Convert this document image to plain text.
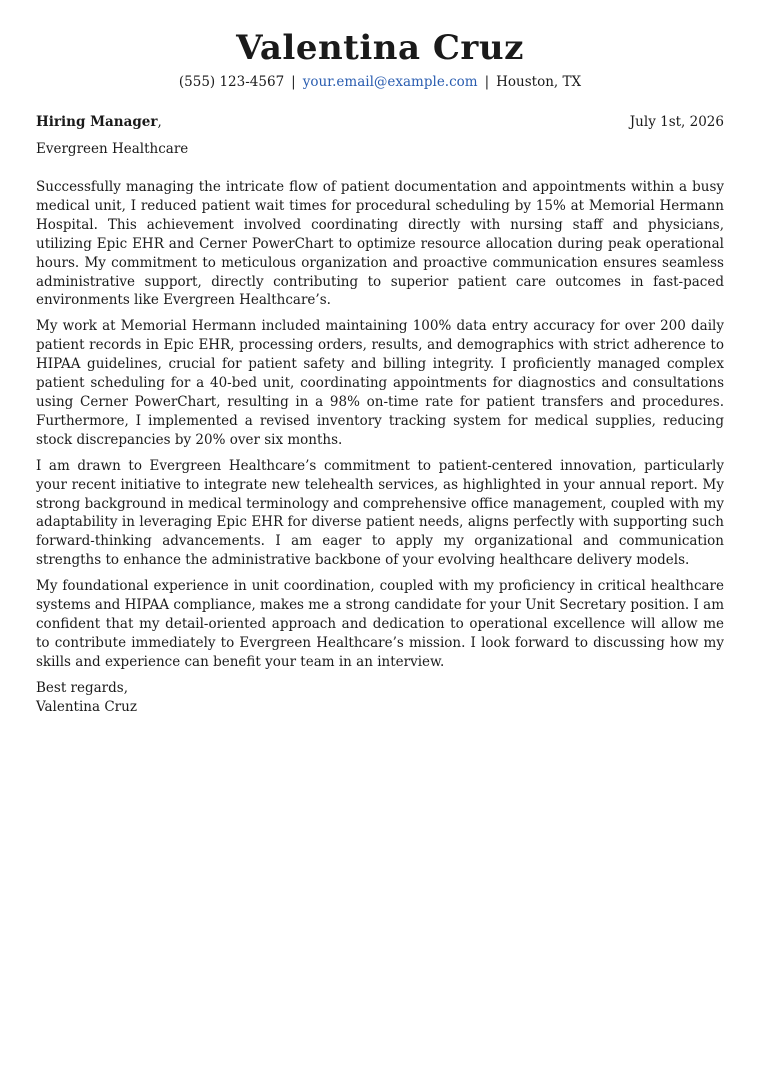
Valentina Cruz
(555) 123-4567 | your.email@example.com | Houston, TX
Hiring Manager,	July 1st, 2026
Evergreen Healthcare

Successfully managing the intricate flow of patient documentation and appointments within a busy medical unit, I reduced patient wait times for procedural scheduling by 15% at Memorial Hermann Hospital. This achievement involved coordinating directly with nursing staff and physicians, utilizing Epic EHR and Cerner PowerChart to optimize resource allocation during peak operational hours. My commitment to meticulous organization and proactive communication ensures seamless administrative support, directly contributing to superior patient care outcomes in fast-paced environments like Evergreen Healthcare’s.

My work at Memorial Hermann included maintaining 100% data entry accuracy for over 200 daily patient records in Epic EHR, processing orders, results, and demographics with strict adherence to HIPAA guidelines, crucial for patient safety and billing integrity. I proficiently managed complex patient scheduling for a 40-bed unit, coordinating appointments for diagnostics and consultations using Cerner PowerChart, resulting in a 98% on-time rate for patient transfers and procedures. Furthermore, I implemented a revised inventory tracking system for medical supplies, reducing stock discrepancies by 20% over six months.

I am drawn to Evergreen Healthcare’s commitment to patient-centered innovation, particularly your recent initiative to integrate new telehealth services, as highlighted in your annual report. My strong background in medical terminology and comprehensive office management, coupled with my adaptability in leveraging Epic EHR for diverse patient needs, aligns perfectly with supporting such forward-thinking advancements. I am eager to apply my organizational and communication strengths to enhance the administrative backbone of your evolving healthcare delivery models.

My foundational experience in unit coordination, coupled with my proficiency in critical healthcare systems and HIPAA compliance, makes me a strong candidate for your Unit Secretary position. I am confident that my detail-oriented approach and dedication to operational excellence will allow me to contribute immediately to Evergreen Healthcare’s mission. I look forward to discussing how my skills and experience can benefit your team in an interview.

Best regards,
Valentina Cruz
